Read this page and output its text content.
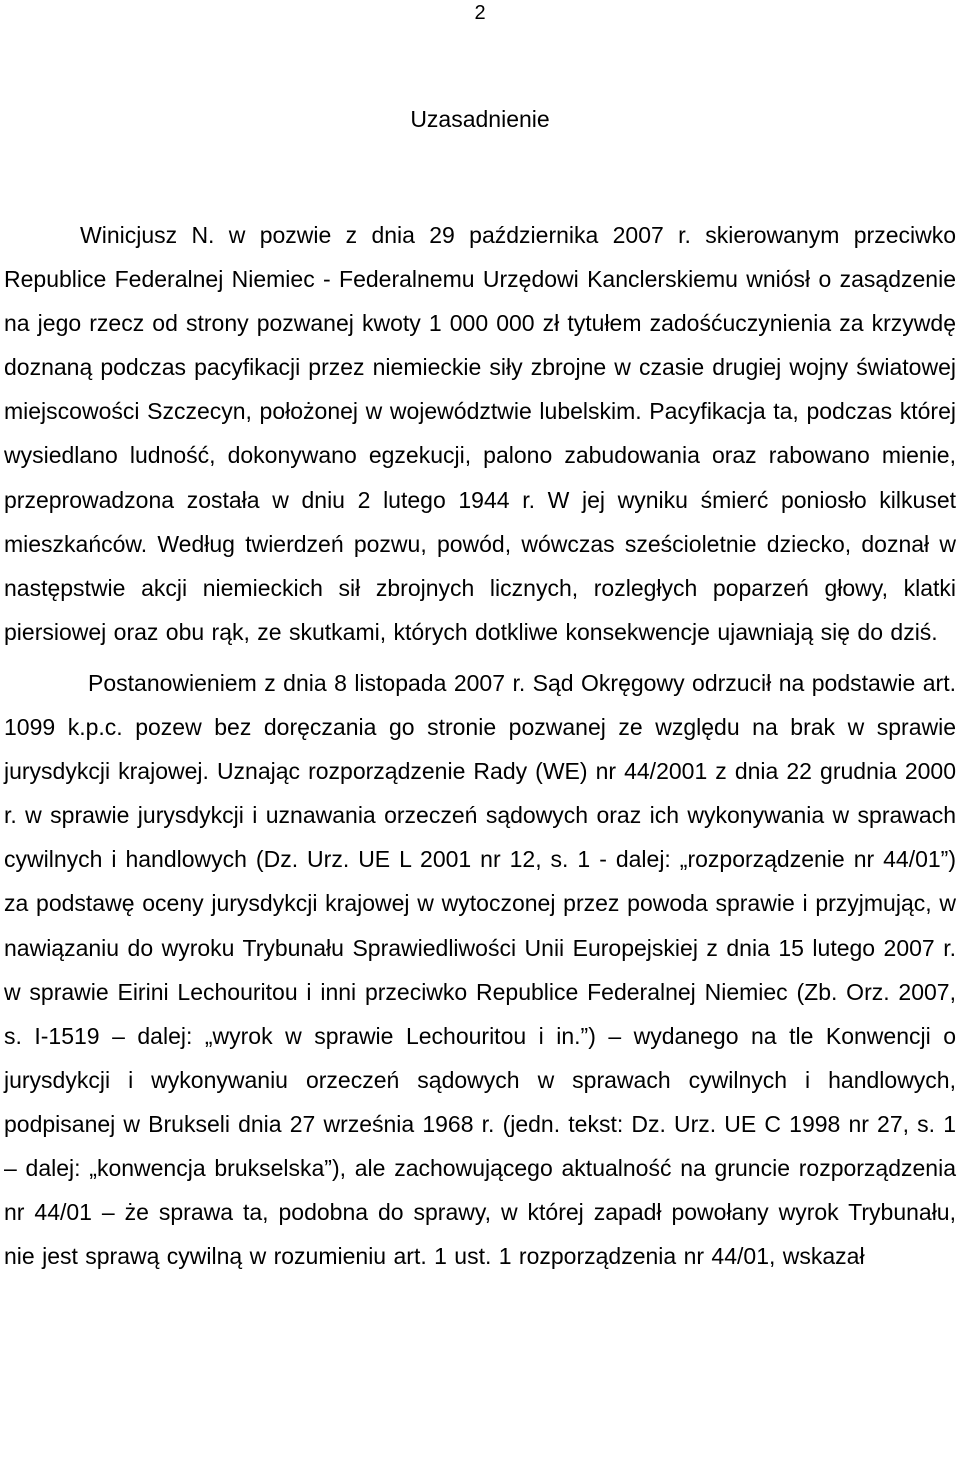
2
Uzasadnienie

Winicjusz N. w pozwie z dnia 29 października 2007 r. skierowanym przeciwko Republice Federalnej Niemiec - Federalnemu Urzędowi Kanclerskiemu wniósł o zasądzenie na jego rzecz od strony pozwanej kwoty 1 000 000 zł tytułem zadośćuczynienia za krzywdę doznaną podczas pacyfikacji przez niemieckie siły zbrojne w czasie drugiej wojny światowej miejscowości Szczecyn, położonej w województwie lubelskim. Pacyfikacja ta, podczas której wysiedlano ludność, dokonywano egzekucji, palono zabudowania oraz rabowano mienie, przeprowadzona została w dniu 2 lutego 1944 r. W jej wyniku śmierć poniosło kilkuset mieszkańców. Według twierdzeń pozwu, powód, wówczas sześcioletnie dziecko, doznał w następstwie akcji niemieckich sił zbrojnych licznych, rozległych poparzeń głowy, klatki piersiowej oraz obu rąk, ze skutkami, których dotkliwe konsekwencje ujawniają się do dziś.

Postanowieniem z dnia 8 listopada 2007 r. Sąd Okręgowy odrzucił na podstawie art. 1099 k.p.c. pozew bez doręczania go stronie pozwanej ze względu na brak w sprawie jurysdykcji krajowej. Uznając rozporządzenie Rady (WE) nr 44/2001 z dnia 22 grudnia 2000 r. w sprawie jurysdykcji i uznawania orzeczeń sądowych oraz ich wykonywania w sprawach cywilnych i handlowych (Dz. Urz. UE L 2001 nr 12, s. 1 - dalej: „rozporządzenie nr 44/01”) za podstawę oceny jurysdykcji krajowej w wytoczonej przez powoda sprawie i przyjmując, w nawiązaniu do wyroku Trybunału Sprawiedliwości Unii Europejskiej z dnia 15 lutego 2007 r. w sprawie Eirini Lechouritou i inni przeciwko Republice Federalnej Niemiec (Zb. Orz. 2007, s. I-1519 – dalej: „wyrok w sprawie Lechouritou i in.”) – wydanego na tle Konwencji o jurysdykcji i wykonywaniu orzeczeń sądowych w sprawach cywilnych i handlowych, podpisanej w Brukseli dnia 27 września 1968 r. (jedn. tekst: Dz. Urz. UE C 1998 nr 27, s. 1 – dalej: „konwencja brukselska”), ale zachowującego aktualność na gruncie rozporządzenia nr 44/01 – że sprawa ta, podobna do sprawy, w której zapadł powołany wyrok Trybunału, nie jest sprawą cywilną w rozumieniu art. 1 ust. 1 rozporządzenia nr 44/01, wskazał
